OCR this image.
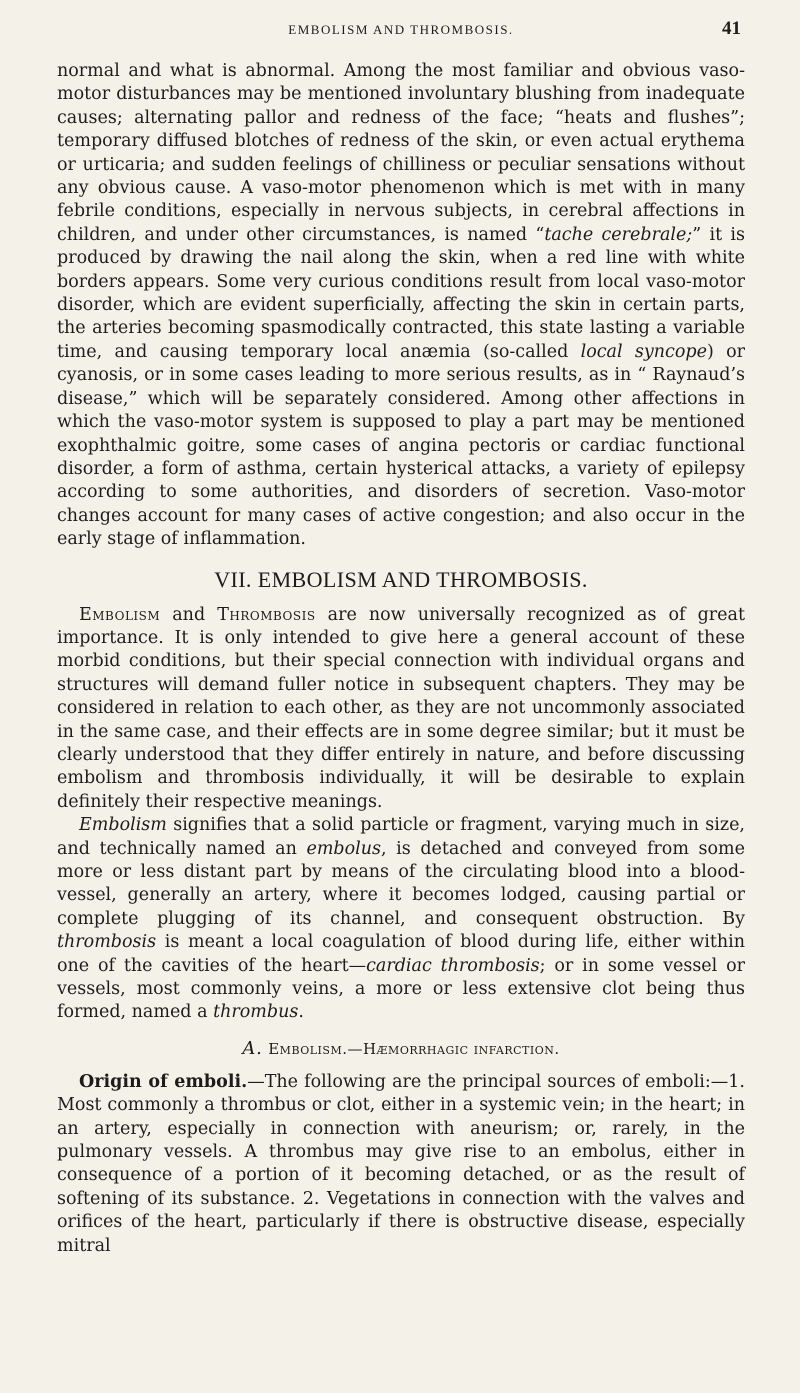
EMBOLISM AND THROMBOSIS.	41

normal and what is abnormal. Among the most familiar and obvious vaso-motor disturbances may be mentioned involuntary blushing from inadequate causes; alternating pallor and redness of the face; “heats and flushes”; temporary diffused blotches of redness of the skin, or even actual erythema or urticaria; and sudden feelings of chilliness or peculiar sensations without any obvious cause. A vaso-motor phenomenon which is met with in many febrile conditions, especially in nervous subjects, in cerebral affections in children, and under other circumstances, is named “tache cerebrale;” it is produced by drawing the nail along the skin, when a red line with white borders appears. Some very curious conditions result from local vaso-motor disorder, which are evident superficially, affecting the skin in certain parts, the arteries becoming spasmodically contracted, this state lasting a variable time, and causing temporary local anæmia (so-called local syncope) or cyanosis, or in some cases leading to more serious results, as in “ Raynaud’s disease,” which will be separately considered. Among other affections in which the vaso-motor system is supposed to play a part may be mentioned exophthalmic goitre, some cases of angina pectoris or cardiac functional disorder, a form of asthma, certain hysterical attacks, a variety of epilepsy according to some authorities, and disorders of secretion. Vaso-motor changes account for many cases of active congestion; and also occur in the early stage of inflammation.

VII. EMBOLISM AND THROMBOSIS.

Embolism and Thrombosis are now universally recognized as of great importance. It is only intended to give here a general account of these morbid conditions, but their special connection with individual organs and structures will demand fuller notice in subsequent chapters. They may be considered in relation to each other, as they are not uncommonly associated in the same case, and their effects are in some degree similar; but it must be clearly understood that they differ entirely in nature, and before discussing embolism and thrombosis individually, it will be desirable to explain definitely their respective meanings.

Embolism signifies that a solid particle or fragment, varying much in size, and technically named an embolus, is detached and conveyed from some more or less distant part by means of the circulating blood into a blood-vessel, generally an artery, where it becomes lodged, causing partial or complete plugging of its channel, and consequent obstruction. By thrombosis is meant a local coagulation of blood during life, either within one of the cavities of the heart—cardiac thrombosis; or in some vessel or vessels, most commonly veins, a more or less extensive clot being thus formed, named a thrombus.

A. Embolism.—Hæmorrhagic infarction.

Origin of emboli.—The following are the principal sources of emboli:—1. Most commonly a thrombus or clot, either in a systemic vein; in the heart; in an artery, especially in connection with aneurism; or, rarely, in the pulmonary vessels. A thrombus may give rise to an embolus, either in consequence of a portion of it becoming detached, or as the result of softening of its substance. 2. Vegetations in connection with the valves and orifices of the heart, particularly if there is obstructive disease, especially mitral
